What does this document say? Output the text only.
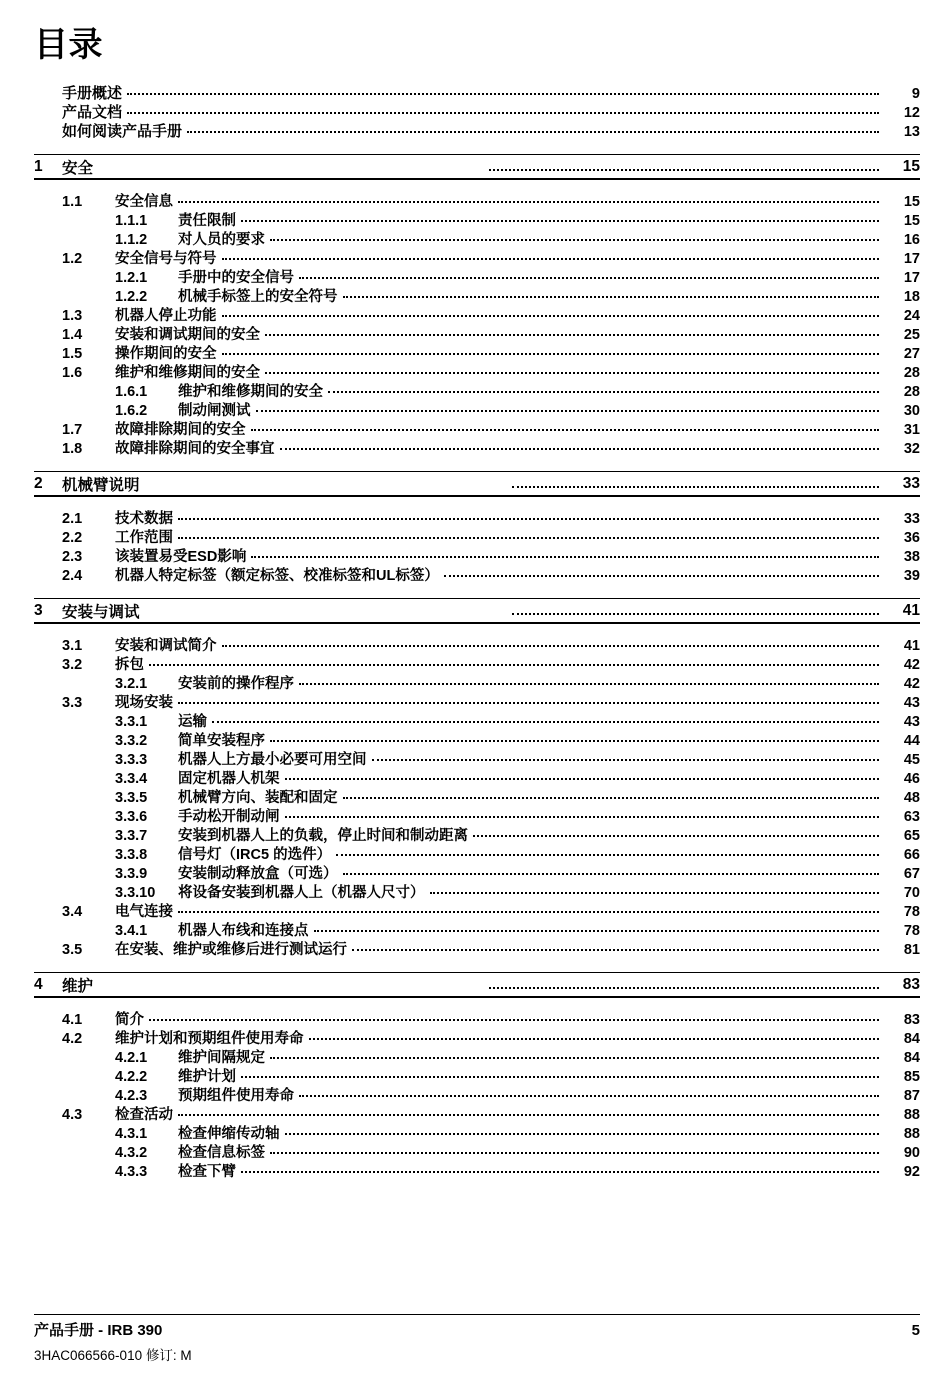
目录
手册概述	9
产品文档	12
如何阅读产品手册	13
1	安全	15
1.1	安全信息	15
1.1.1	责任限制	15
1.1.2	对人员的要求	16
1.2	安全信号与符号	17
1.2.1	手册中的安全信号	17
1.2.2	机械手标签上的安全符号	18
1.3	机器人停止功能	24
1.4	安装和调试期间的安全	25
1.5	操作期间的安全	27
1.6	维护和维修期间的安全	28
1.6.1	维护和维修期间的安全	28
1.6.2	制动闸测试	30
1.7	故障排除期间的安全	31
1.8	故障排除期间的安全事宜	32
2	机械臂说明	33
2.1	技术数据	33
2.2	工作范围	36
2.3	该装置易受ESD影响	38
2.4	机器人特定标签（额定标签、校准标签和UL标签）	39
3	安装与调试	41
3.1	安装和调试简介	41
3.2	拆包	42
3.2.1	安装前的操作程序	42
3.3	现场安装	43
3.3.1	运输	43
3.3.2	简单安装程序	44
3.3.3	机器人上方最小必要可用空间	45
3.3.4	固定机器人机架	46
3.3.5	机械臂方向、装配和固定	48
3.3.6	手动松开制动闸	63
3.3.7	安装到机器人上的负载，停止时间和制动距离	65
3.3.8	信号灯（IRC5 的选件）	66
3.3.9	安装制动释放盒（可选）	67
3.3.10	将设备安装到机器人上（机器人尺寸）	70
3.4	电气连接	78
3.4.1	机器人布线和连接点	78
3.5	在安装、维护或维修后进行测试运行	81
4	维护	83
4.1	简介	83
4.2	维护计划和预期组件使用寿命	84
4.2.1	维护间隔规定	84
4.2.2	维护计划	85
4.2.3	预期组件使用寿命	87
4.3	检查活动	88
4.3.1	检查伸缩传动轴	88
4.3.2	检查信息标签	90
4.3.3	检查下臂	92
产品手册 - IRB 390	5
3HAC066566-010 修订: M
